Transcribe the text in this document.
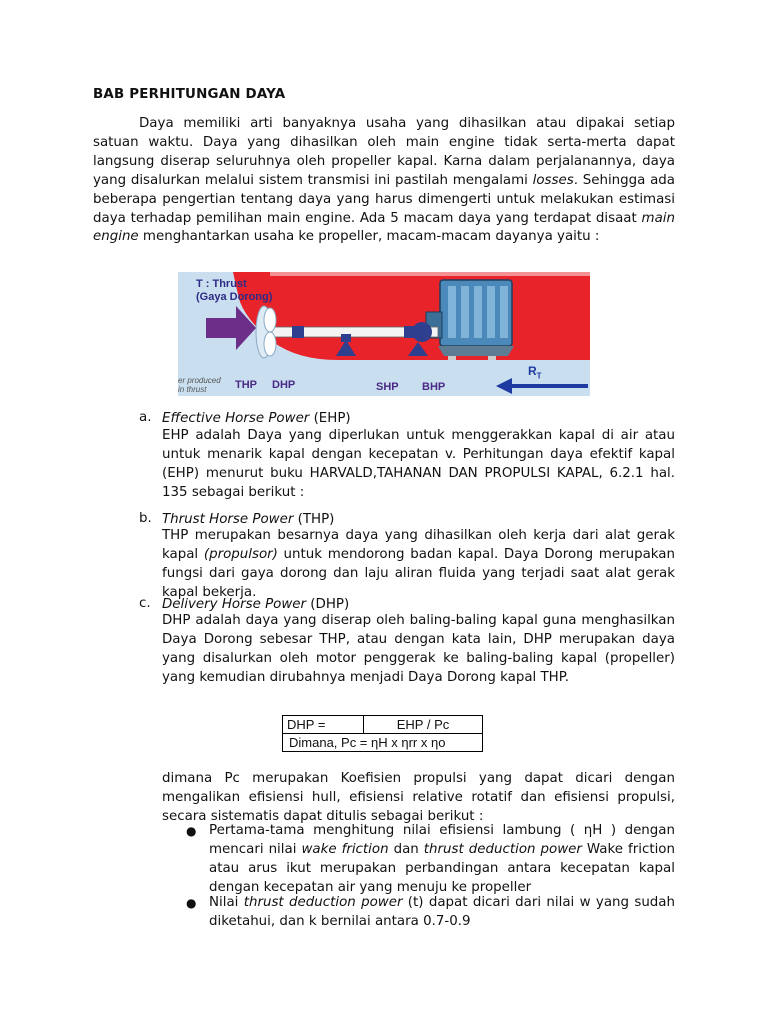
BAB PERHITUNGAN DAYA
Daya memiliki arti banyaknya usaha yang dihasilkan atau dipakai setiap satuan waktu. Daya yang dihasilkan oleh main engine tidak serta-merta dapat langsung diserap seluruhnya oleh propeller kapal. Karna dalam perjalanannya, daya yang disalurkan melalui sistem transmisi ini pastilah mengalami losses. Sehingga ada beberapa pengertian tentang daya yang harus dimengerti untuk melakukan estimasi daya terhadap pemilihan main engine. Ada 5 macam daya yang terdapat disaat main engine menghantarkan usaha ke propeller, macam-macam dayanya yaitu :
T : Thrust
(Gaya Dorong)
THP DHP	SHP BHP
$R_T$
er produced
in thrust
a. Effective Horse Power (EHP)
EHP adalah Daya yang diperlukan untuk menggerakkan kapal di air atau untuk menarik kapal dengan kecepatan v. Perhitungan daya efektif kapal (EHP) menurut buku HARVALD,TAHANAN DAN PROPULSI KAPAL, 6.2.1 hal. 135 sebagai berikut :
b. Thrust Horse Power (THP)
THP merupakan besarnya daya yang dihasilkan oleh kerja dari alat gerak kapal (propulsor) untuk mendorong badan kapal. Daya Dorong merupakan fungsi dari gaya dorong dan laju aliran fluida yang terjadi saat alat gerak kapal bekerja.
c. Delivery Horse Power (DHP)
DHP adalah daya yang diserap oleh baling-baling kapal guna menghasilkan Daya Dorong sebesar THP, atau dengan kata lain, DHP merupakan daya yang disalurkan oleh motor penggerak ke baling-baling kapal (propeller) yang kemudian dirubahnya menjadi Daya Dorong kapal THP.
DHP =	EHP / Pc
Dimana, Pc = ηH x ηrr x ηo
dimana Pc merupakan Koefisien propulsi yang dapat dicari dengan mengalikan efisiensi hull, efisiensi relative rotatif dan efisiensi propulsi, secara sistematis dapat ditulis sebagai berikut :
● Pertama-tama menghitung nilai efisiensi lambung ( ηH ) dengan mencari nilai wake friction dan thrust deduction power Wake friction atau arus ikut merupakan perbandingan antara kecepatan kapal dengan kecepatan air yang menuju ke propeller
● Nilai thrust deduction power (t) dapat dicari dari nilai w yang sudah diketahui, dan k bernilai antara 0.7-0.9
